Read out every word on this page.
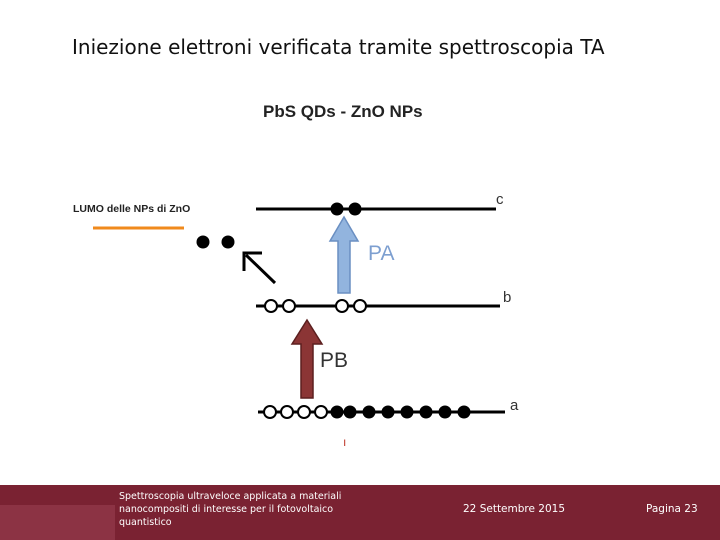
Iniezione elettroni verificata tramite spettroscopia TA
PbS QDs - ZnO NPs
LUMO delle NPs di ZnO
c
b
a
PA
PB
ı
Spettroscopia ultraveloce applicata a materiali nanocompositi di interesse per il fotovoltaico quantistico
22 Settembre 2015	Pagina 23
